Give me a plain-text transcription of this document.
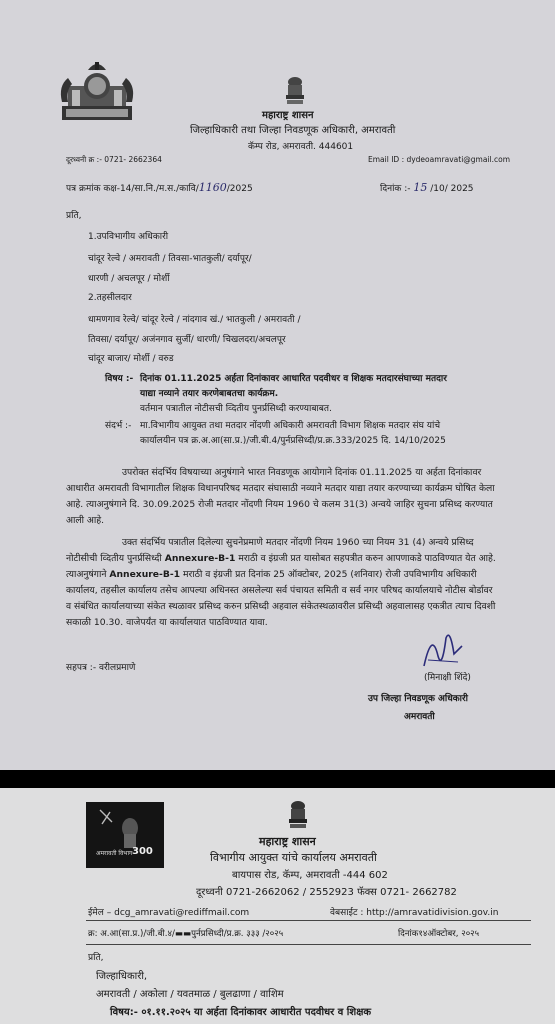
महाराष्ट्र शासन
जिल्हाधिकारी तथा जिल्हा निवडणूक अधिकारी, अमरावती
कॅम्प रोड, अमरावती. 444601
दूरध्वनी क्र :- 0721- 2662364	Email ID : dydeoamravati@gmail.com
पत्र क्रमांक कक्ष-14/सा.नि./म.स./कावि/1160/2025	दिनांक :- 15 /10/ 2025
प्रति,
1.उपविभागीय अधिकारी
चांदूर रेल्वे / अमरावती / तिवसा-भातकुली/ दर्यापूर/
धारणी / अचलपूर / मोर्शी
2.तहसीलदार
धामणगाव रेल्वे/ चांदूर रेल्वे / नांदगाव खं./ भातकुली / अमरावती /
तिवसा/ दर्यापूर/ अजंनगाव सुर्जी/ धारणी/ चिखलदरा/अचलपूर
चांदूर बाजार/ मोर्शी / वरुड
विषय :- दिनांक 01.11.2025 अर्हता दिनांकावर आधारित पदवीधर व शिक्षक मतदारसंघाच्या मतदार
याद्या नव्याने तयार करणेबाबतचा कार्यक्रम.
वर्तमान पत्रातील नोटीसची व्दितीय पुनर्प्रसिध्दी करण्याबाबत.
संदर्भ :- मा.विभागीय आयुक्त तथा मतदार नोंदणी अधिकारी अमरावती विभाग शिक्षक मतदार संघ यांचे
कार्यालयीन पत्र क्र.अ.आ(सा.प्र.)/जी.बी.4/पुर्नप्रसिध्दी/प्र.क्र.333/2025 दि. 14/10/2025
उपरोक्त संदर्भिय विषयाच्या अनुषंगाने भारत निवडणूक आयोगाने दिनांक 01.11.2025 या अर्हता दिनांकावर आधारीत अमरावती विभागातील शिक्षक विधानपरिषद मतदार संघासाठी नव्याने मतदार याद्या तयार करण्याच्या कार्यक्रम घोषित केला आहे. त्याअनुषंगाने दि. 30.09.2025 रोजी मतदार नोंदणी नियम 1960 चे कलम 31(3) अन्वये जाहिर सुचना प्रसिध्द करण्यात आली आहे.
उक्त संदर्भिय पत्रातील दिलेल्या सुचनेप्रमाणे मतदार नोंदणी नियम 1960 च्या नियम 31 (4) अन्वये प्रसिध्द नोटीसीची व्दितीय पुनर्प्रसिध्दी Annexure-B-1 मराठी व इंग्रजी प्रत यासोबत सहपत्रीत करुन आपणाकडे पाठविण्यात येत आहे. त्याअनुषंगाने Annexure-B-1 मराठी व इंग्रजी प्रत दिनांक 25 ऑक्टोबर, 2025 (शनिवार) रोजी उपविभागीय अधिकारी कार्यालय, तहसील कार्यालय तसेच आपल्या अधिनस्त असलेल्या सर्व पंचायत समिती व सर्व नगर परिषद कार्यालयाचे नोटीस बोर्डावर व संबंधित कार्यालयाच्या संकेत स्थळावर प्रसिध्द करुन प्रसिध्दी अहवाल संकेतस्थळावरील प्रसिध्दी अहवालासह एकत्रीत त्याच दिवशी सकाळी 10.30. वाजेपर्यंत या कार्यालयात पाठविण्यात यावा.
सहपत्र :- वरीलप्रमाणे
(मिनाक्षी शिंदे)
उप जिल्हा निवडणूक अधिकारी
अमरावती
अमरावती विभाग 300
महाराष्ट्र शासन
विभागीय आयुक्त यांचे कार्यालय अमरावती
बायपास रोड, कॅम्प, अमरावती -444 602
दूरध्वनी 0721-2662062 / 2552923 फॅक्स 0721- 2662782
ईमेल – dcg_amravati@rediffmail.com	वेबसाईट : http://amravatidivision.gov.in
क्र: अ.आ(सा.प्र.)/जी.बी.४/▬▬पुर्नप्रसिध्दी/प्र.क्र. ३३३ /२०२५	दिनांक१४ऑक्टोबर, २०२५
प्रति,
जिल्हाधिकारी,
अमरावती / अकोला / यवतमाळ / बुलढाणा / वाशिम
विषय:- ०१.११.२०२५ या अर्हता दिनांकावर आधारीत पदवीधर व शिक्षक
